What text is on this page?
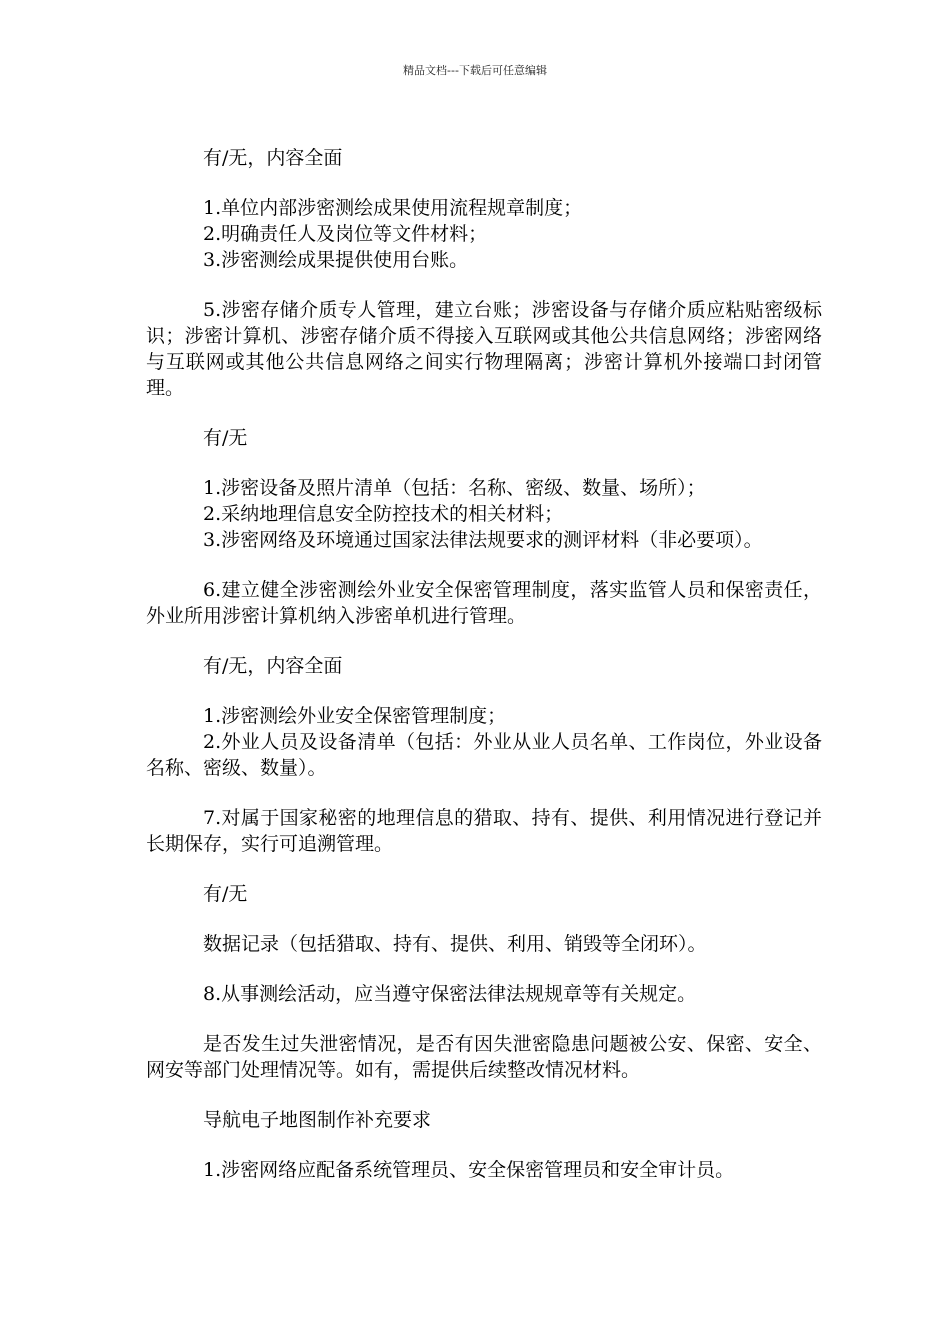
精品文档---下载后可任意编辑

有/无，内容全面

1.单位内部涉密测绘成果使用流程规章制度；
2.明确责任人及岗位等文件材料；
3.涉密测绘成果提供使用台账。

5.涉密存储介质专人管理，建立台账；涉密设备与存储介质应粘贴密级标识；涉密计算机、涉密存储介质不得接入互联网或其他公共信息网络；涉密网络与互联网或其他公共信息网络之间实行物理隔离；涉密计算机外接端口封闭管理。

有/无

1.涉密设备及照片清单（包括：名称、密级、数量、场所）；
2.采纳地理信息安全防控技术的相关材料；
3.涉密网络及环境通过国家法律法规要求的测评材料（非必要项）。

6.建立健全涉密测绘外业安全保密管理制度，落实监管人员和保密责任，外业所用涉密计算机纳入涉密单机进行管理。

有/无，内容全面

1.涉密测绘外业安全保密管理制度；
2.外业人员及设备清单（包括：外业从业人员名单、工作岗位，外业设备名称、密级、数量）。

7.对属于国家秘密的地理信息的猎取、持有、提供、利用情况进行登记并长期保存，实行可追溯管理。

有/无

数据记录（包括猎取、持有、提供、利用、销毁等全闭环）。

8.从事测绘活动，应当遵守保密法律法规规章等有关规定。

是否发生过失泄密情况，是否有因失泄密隐患问题被公安、保密、安全、网安等部门处理情况等。如有，需提供后续整改情况材料。

导航电子地图制作补充要求

1.涉密网络应配备系统管理员、安全保密管理员和安全审计员。
